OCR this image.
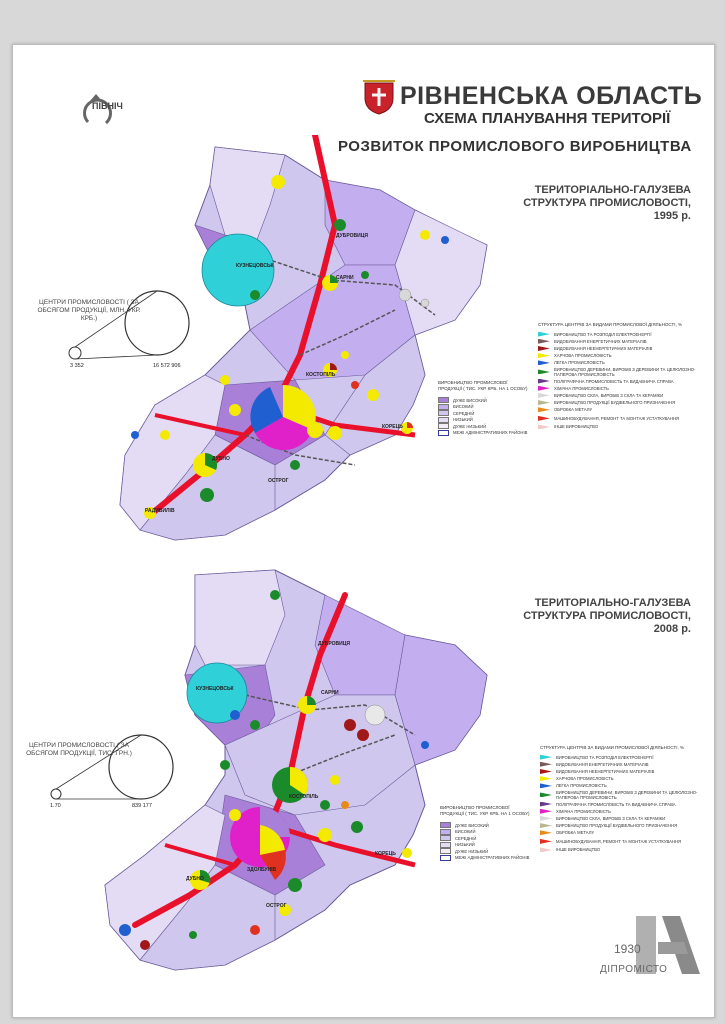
РІВНЕНСЬКА ОБЛАСТЬ
СХЕМА ПЛАНУВАННЯ ТЕРИТОРІЇ
РОЗВИТОК ПРОМИСЛОВОГО ВИРОБНИЦТВА
ПІВНІЧ
ТЕРИТОРІАЛЬНО-ГАЛУЗЕВА
СТРУКТУРА ПРОМИСЛОВОСТІ,
1995 р.
ТЕРИТОРІАЛЬНО-ГАЛУЗЕВА
СТРУКТУРА ПРОМИСЛОВОСТІ,
2008 р.
КУЗНЕЦОВСЬК
ДУБРОВИЦЯ
САРНИ
КОСТОПІЛЬ
КОРЕЦЬ
ДУБНО
ОСТРОГ
РАДИВИЛІВ
ЦЕНТРИ ПРОМИСЛОВОСТІ ( ЗА ОБСЯГОМ ПРОДУКЦІЇ, МЛН. УКР. КРБ.)
3 352	16 572 906
ВИРОБНИЦТВО ПРОМИСЛОВОЇ ПРОДУКЦІЇ ( ТИС. УКР. КРБ. НА 1 ОСОБУ)
ДУЖЕ ВИСОКИЙ
ВИСОКИЙ
СЕРЕДНІЙ
НИЗЬКИЙ
ДУЖЕ НИЗЬКИЙ
МЕЖІ АДМІНІСТРАТИВНИХ РАЙОНІВ
СТРУКТУРА ЦЕНТРІВ ЗА ВИДАМИ ПРОМИСЛОВОЇ ДІЯЛЬНОСТІ, %
ВИРОБНИЦТВО ТА РОЗПОДІЛ ЕЛЕКТРОЕНЕРГІЇ
ВИДОБУВАННЯ ЕНЕРГЕТИЧНИХ МАТЕРІАЛІВ
ВИДОБУВАННЯ НЕЕНЕРГЕТИЧНИХ МАТЕРІАЛІВ
ХАРЧОВА ПРОМИСЛОВІСТЬ
ЛЕГКА ПРОМИСЛОВІСТЬ
ВИРОБНИЦТВО ДЕРЕВИНИ, ВИРОБІВ З ДЕРЕВИНИ ТА ЦЕЛЮЛОЗНО-ПАПЕРОВА ПРОМИСЛОВІСТЬ
ПОЛІГРАФІЧНА ПРОМИСЛОВІСТЬ ТА ВИДАВНИЧА СПРАВА
ХІМІЧНА ПРОМИСЛОВІСТЬ
ВИРОБНИЦТВО СКЛА, ВИРОБІВ З СКЛА ТА КЕРАМІКИ
ВИРОБНИЦТВО ПРОДУКЦІЇ БУДІВЕЛЬНОГО ПРИЗНАЧЕННЯ
ОБРОБКА МЕТАЛУ
МАШИНОБУДУВАННЯ, РЕМОНТ ТА МОНТАЖ УСТАТКУВАННЯ
ІНШЕ ВИРОБНИЦТВО
КУЗНЕЦОВСЬК
ДУБРОВИЦЯ
САРНИ
КОСТОПІЛЬ
КОРЕЦЬ
ДУБНО
ОСТРОГ
ЗДОЛБУНІВ
ЦЕНТРИ ПРОМИСЛОВОСТІ ( ЗА ОБСЯГОМ ПРОДУКЦІЇ, ТИС. ГРН.)
1.70	839 177	ВИРОБНИЦТВО ПРОМИСЛОВОЇ ПРОДУКЦІЇ ( ТИС. УКР. КРБ. НА 1 ОСОБУ)
ДУЖЕ ВИСОКИЙ
ВИСОКИЙ
СЕРЕДНІЙ
НИЗЬКИЙ
ДУЖЕ НИЗЬКИЙ
МЕЖІ АДМІНІСТРАТИВНИХ РАЙОНІВ
СТРУКТУРА ЦЕНТРІВ ЗА ВИДАМИ ПРОМИСЛОВОЇ ДІЯЛЬНОСТІ, %
ВИРОБНИЦТВО ТА РОЗПОДІЛ ЕЛЕКТРОЕНЕРГІЇ
ВИДОБУВАННЯ ЕНЕРГЕТИЧНИХ МАТЕРІАЛІВ
ВИДОБУВАННЯ НЕЕНЕРГЕТИЧНИХ МАТЕРІАЛІВ
ХАРЧОВА ПРОМИСЛОВІСТЬ
ЛЕГКА ПРОМИСЛОВІСТЬ
ВИРОБНИЦТВО ДЕРЕВИНИ, ВИРОБІВ З ДЕРЕВИНИ ТА ЦЕЛЮЛОЗНО-ПАПЕРОВА ПРОМИСЛОВІСТЬ
ПОЛІГРАФІЧНА ПРОМИСЛОВІСТЬ ТА ВИДАВНИЧА СПРАВА
ХІМІЧНА ПРОМИСЛОВІСТЬ
ВИРОБНИЦТВО СКЛА, ВИРОБІВ З СКЛА ТА КЕРАМІКИ
ВИРОБНИЦТВО ПРОДУКЦІЇ БУДІВЕЛЬНОГО ПРИЗНАЧЕННЯ
ОБРОБКА МЕТАЛУ
МАШИНОБУДУВАННЯ, РЕМОНТ ТА МОНТАЖ УСТАТКУВАННЯ
ІНШЕ ВИРОБНИЦТВО
1930
ДІПРОМІСТО
